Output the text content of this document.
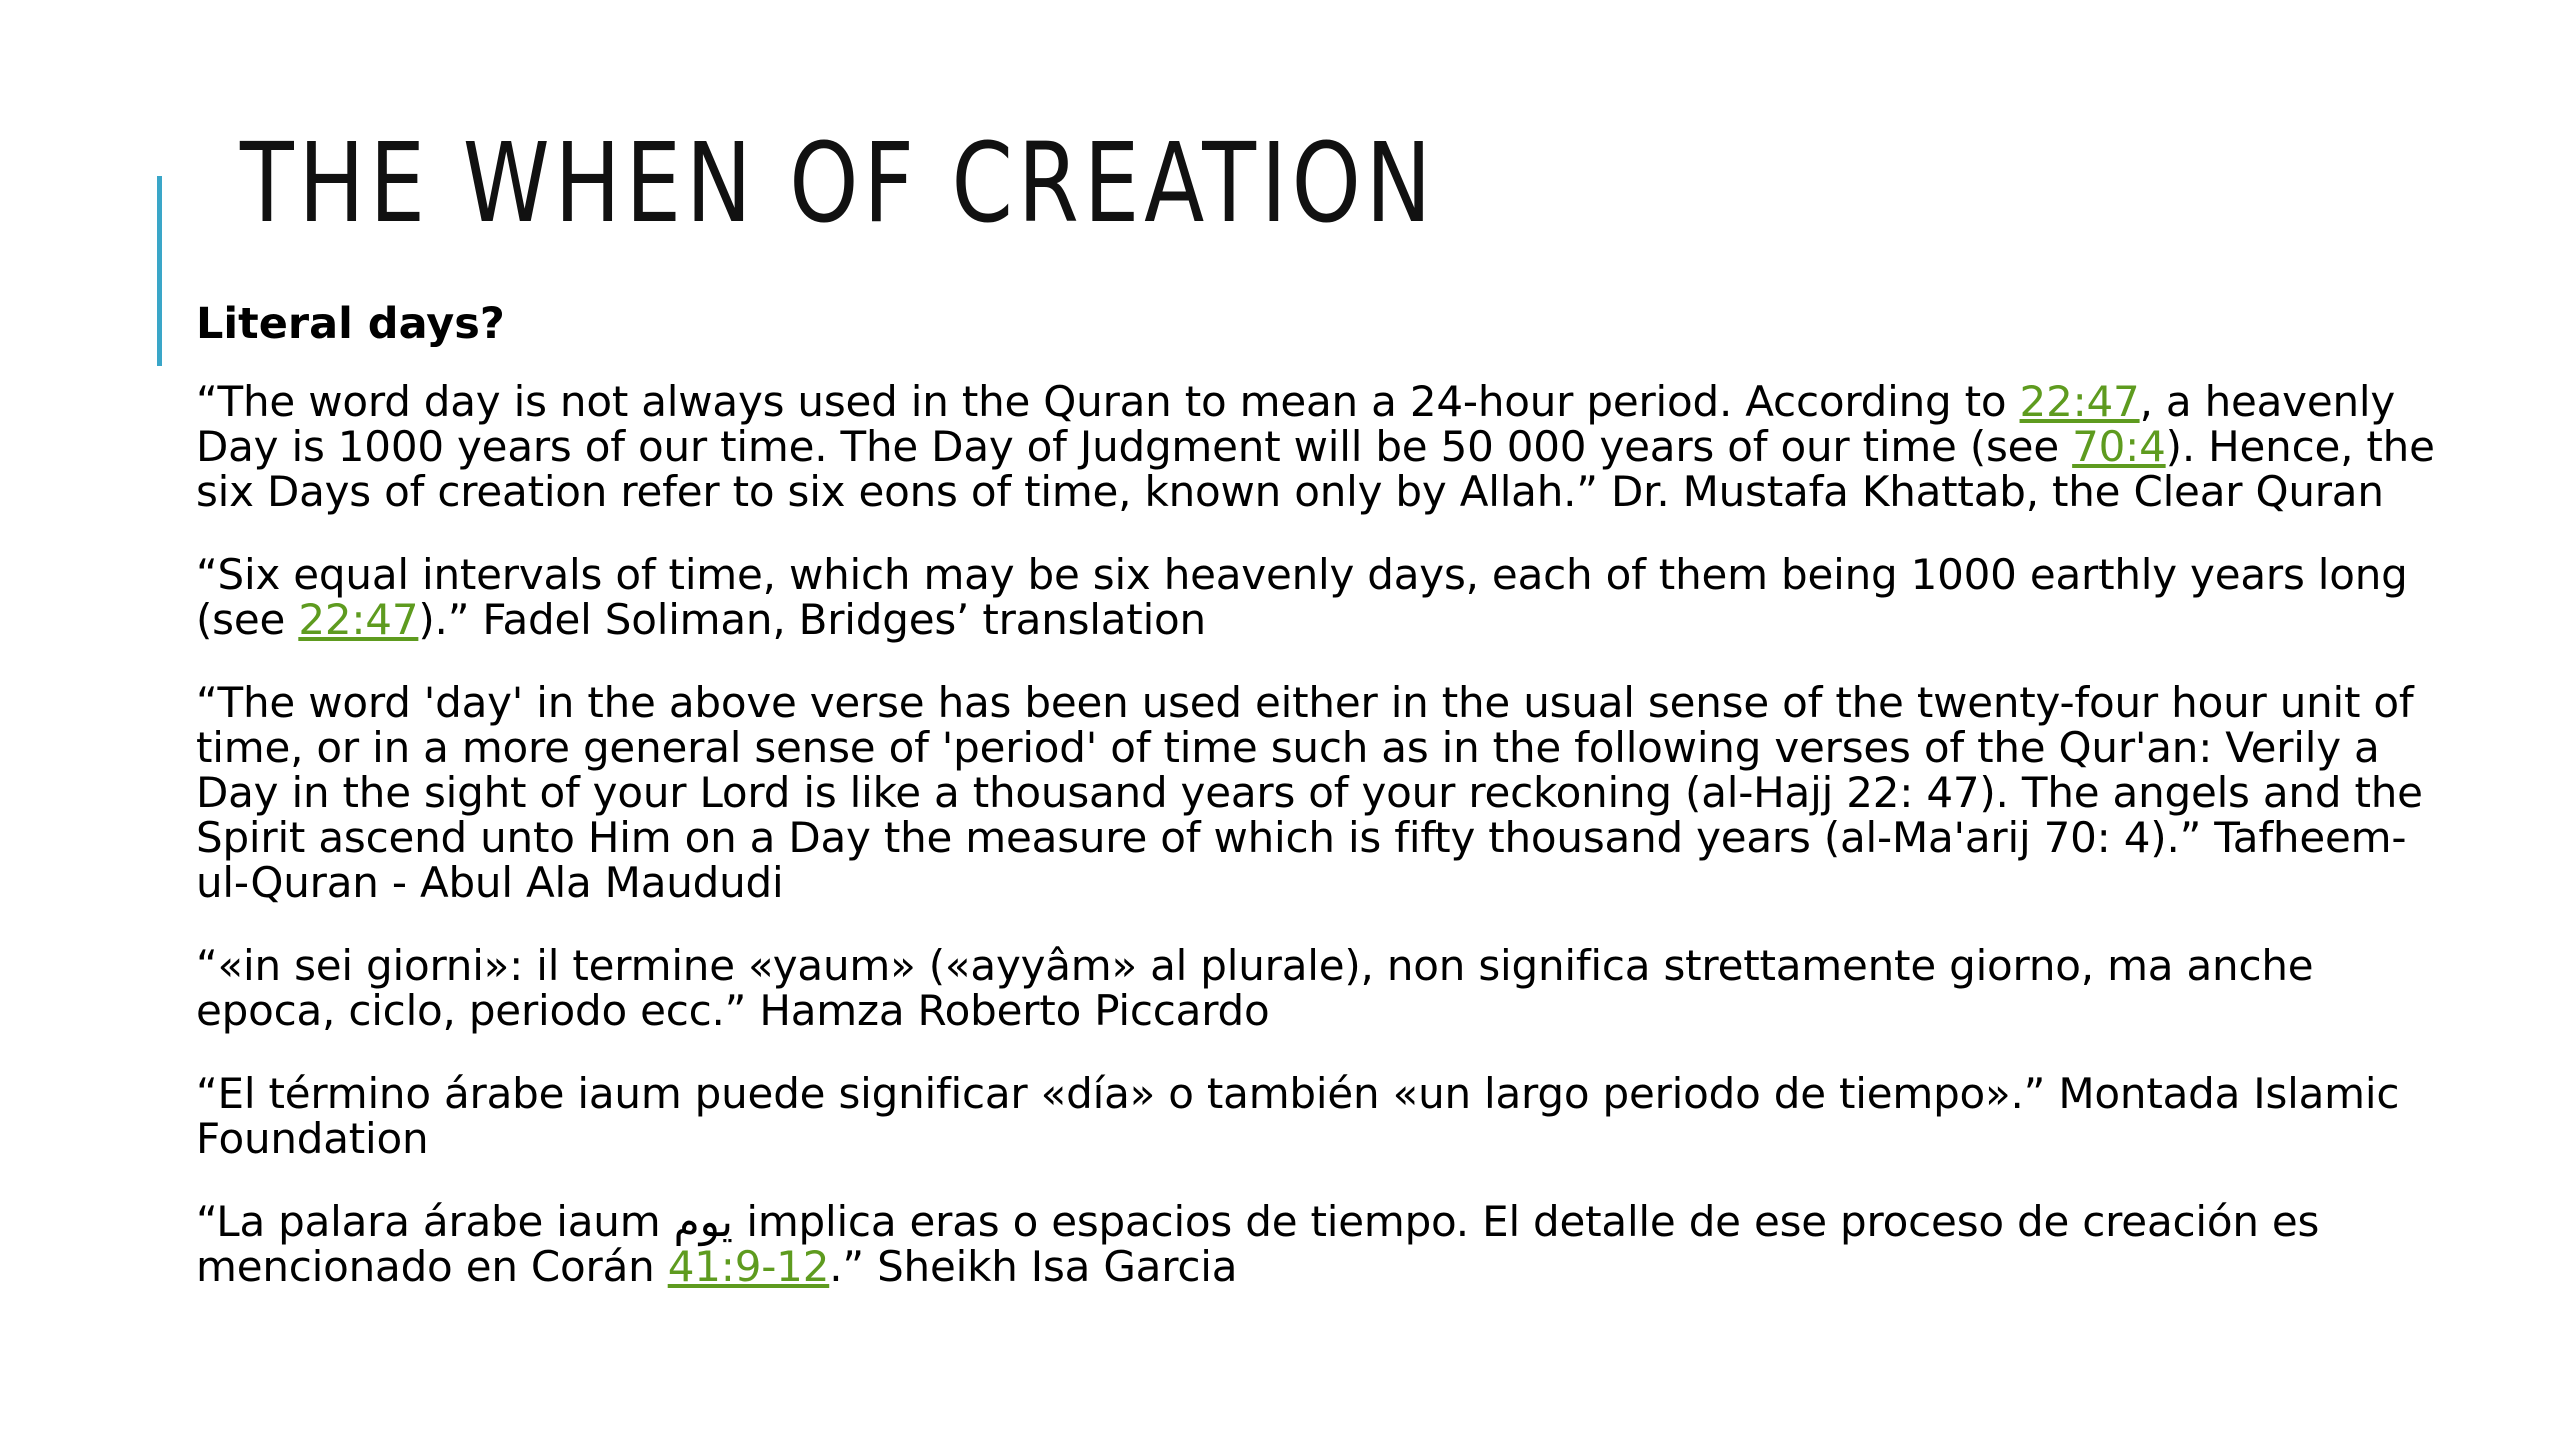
THE WHEN OF CREATION

Literal days?

“The word day is not always used in the Quran to mean a 24-hour period. According to 22:47, a heavenly Day is 1000 years of our time. The Day of Judgment will be 50 000 years of our time (see 70:4). Hence, the six Days of creation refer to six eons of time, known only by Allah.” Dr. Mustafa Khattab, the Clear Quran

“Six equal intervals of time, which may be six heavenly days, each of them being 1000 earthly years long (see 22:47).” Fadel Soliman, Bridges’ translation

“The word 'day' in the above verse has been used either in the usual sense of the twenty-four hour unit of time, or in a more general sense of 'period' of time such as in the following verses of the Qur'an: Verily a Day in the sight of your Lord is like a thousand years of your reckoning (al-Hajj 22: 47). The angels and the Spirit ascend unto Him on a Day the measure of which is fifty thousand years (al-Ma'arij 70: 4).” Tafheem-ul-Quran - Abul Ala Maududi

“«in sei giorni»: il termine «yaum» («ayyâm» al plurale), non significa strettamente giorno, ma anche epoca, ciclo, periodo ecc.” Hamza Roberto Piccardo

“El término árabe iaum puede significar «día» o también «un largo periodo de tiempo».” Montada Islamic Foundation

“La palara árabe iaum يوم implica eras o espacios de tiempo. El detalle de ese proceso de creación es mencionado en Corán 41:9-12.” Sheikh Isa Garcia
